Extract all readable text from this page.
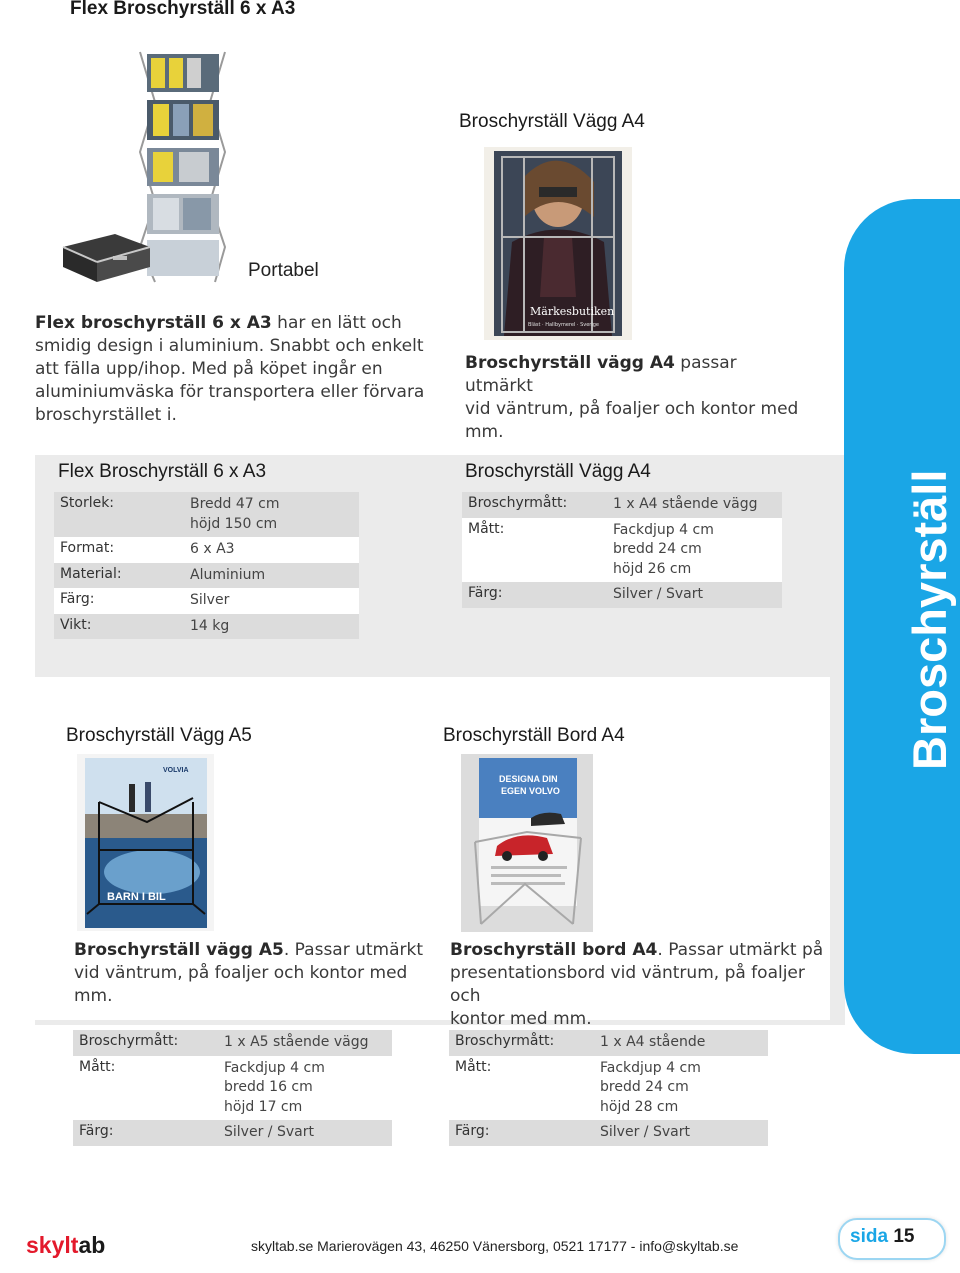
Flex Broschyrställ 6 x A3
Portabel
Flex broschyrställ 6 x A3 har en lätt och
smidig design i aluminium. Snabbt och enkelt
att fälla upp/ihop. Med på köpet ingår en
aluminiumväska för transportera eller förvara
broschyrstället i.
Broschyrställ Vägg A4
Märkesbutiken
Bläst · Hallbymerel · Sverige
Broschyrställ vägg A4 passar utmärkt
vid väntrum, på foaljer och kontor med
mm.
Flex Broschyrställ 6 x A3
Storlek:	Bredd 47 cm
höjd 150 cm
Format:	6 x A3
Material:	Aluminium
Färg:	Silver
Vikt:	14 kg
Broschyrställ Vägg A4
Broschyrmått:	1 x A4 stående vägg
Mått:	Fackdjup 4 cm
bredd 24 cm
höjd 26 cm
Färg:	Silver / Svart
Broschyrställ Vägg A5
VOLVIA
BARN I BIL
Broschyrställ vägg A5. Passar utmärkt
vid väntrum, på foaljer och kontor med
mm.
Broschyrställ Bord A4
DESIGNA DIN
EGEN VOLVO
Broschyrställ bord A4. Passar utmärkt på
presentationsbord vid väntrum, på foaljer och
kontor med mm.
Broschyrmått:	1 x A5 stående vägg
Mått:	Fackdjup 4 cm
bredd 16 cm
höjd 17 cm
Färg:	Silver / Svart
Broschyrmått:	1 x A4 stående
Mått:	Fackdjup 4 cm
bredd 24 cm
höjd 28 cm
Färg:	Silver / Svart
Broschyrställ
skyltab	skyltab.se Marierovägen 43, 46250 Vänersborg, 0521 17177 - info@skyltab.se	sida 15
